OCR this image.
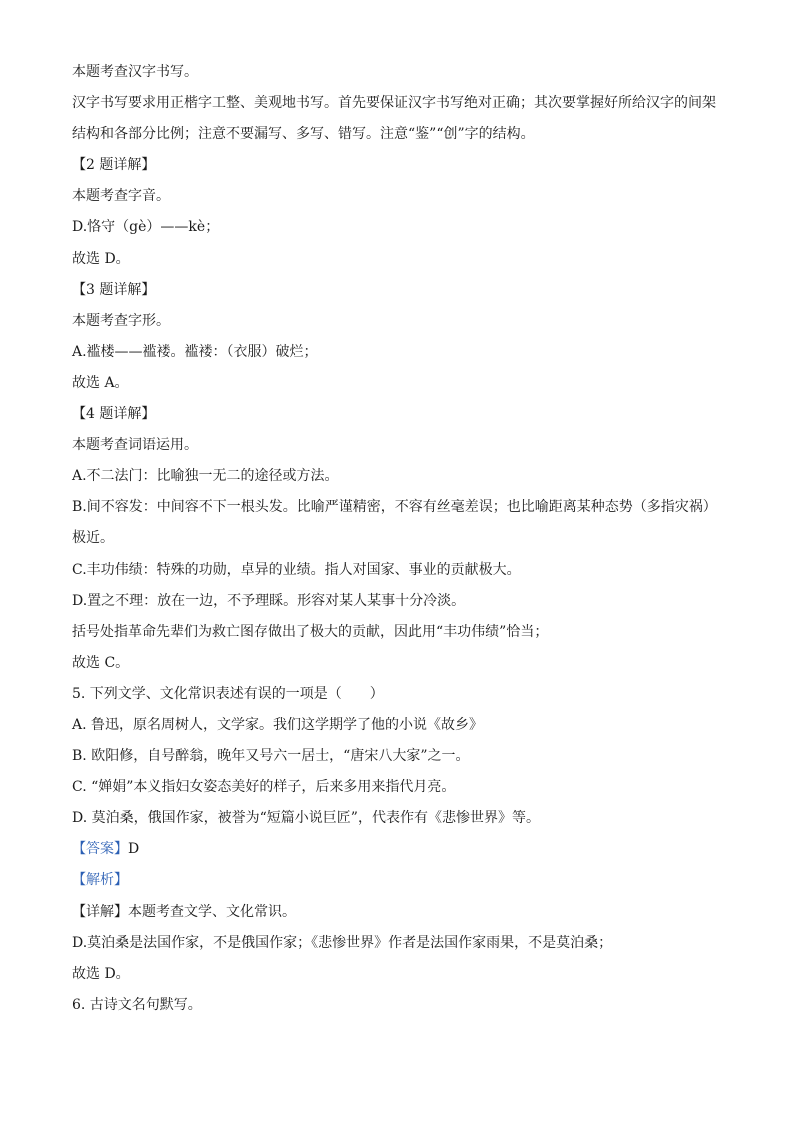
本题考查汉字书写。

汉字书写要求用正楷字工整、美观地书写。首先要保证汉字书写绝对正确；其次要掌握好所给汉字的间架

结构和各部分比例；注意不要漏写、多写、错写。注意“鉴”“创”字的结构。

【2 题详解】

本题考查字音。

D.恪守（gè）——kè；

故选 D。

【3 题详解】

本题考查字形。

A.褴楼——褴褛。褴褛：（衣服）破烂；

故选 A。

【4 题详解】

本题考查词语运用。

A.不二法门：比喻独一无二的途径或方法。

B.间不容发：中间容不下一根头发。比喻严谨精密，不容有丝毫差误；也比喻距离某种态势（多指灾祸）

极近。

C.丰功伟绩：特殊的功勋，卓异的业绩。指人对国家、事业的贡献极大。

D.置之不理：放在一边，不予理睬。形容对某人某事十分冷淡。

括号处指革命先辈们为救亡图存做出了极大的贡献，因此用“丰功伟绩”恰当；

故选 C。

5. 下列文学、文化常识表述有误的一项是（　　）

A. 鲁迅，原名周树人，文学家。我们这学期学了他的小说《故乡》

B. 欧阳修，自号醉翁，晚年又号六一居士，“唐宋八大家”之一。

C. “婵娟”本义指妇女姿态美好的样子，后来多用来指代月亮。

D. 莫泊桑，俄国作家，被誉为“短篇小说巨匠”，代表作有《悲惨世界》等。

【答案】D

【解析】

【详解】本题考查文学、文化常识。

D.莫泊桑是法国作家，不是俄国作家；《悲惨世界》作者是法国作家雨果，不是莫泊桑；

故选 D。

6. 古诗文名句默写。
